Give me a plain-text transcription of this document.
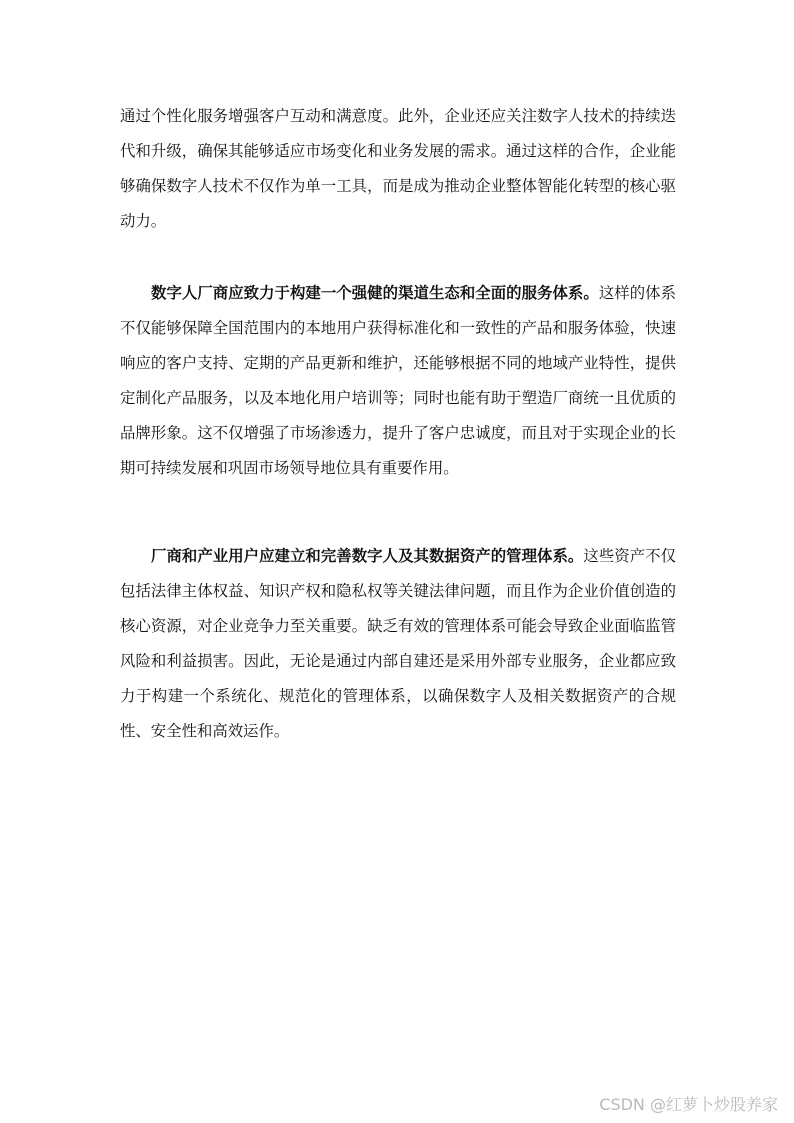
通过个性化服务增强客户互动和满意度。此外，企业还应关注数字人技术的持续迭代和升级，确保其能够适应市场变化和业务发展的需求。通过这样的合作，企业能够确保数字人技术不仅作为单一工具，而是成为推动企业整体智能化转型的核心驱动力。

数字人厂商应致力于构建一个强健的渠道生态和全面的服务体系。这样的体系不仅能够保障全国范围内的本地用户获得标准化和一致性的产品和服务体验，快速响应的客户支持、定期的产品更新和维护，还能够根据不同的地域产业特性，提供定制化产品服务，以及本地化用户培训等；同时也能有助于塑造厂商统一且优质的品牌形象。这不仅增强了市场渗透力，提升了客户忠诚度，而且对于实现企业的长期可持续发展和巩固市场领导地位具有重要作用。

厂商和产业用户应建立和完善数字人及其数据资产的管理体系。这些资产不仅包括法律主体权益、知识产权和隐私权等关键法律问题，而且作为企业价值创造的核心资源，对企业竞争力至关重要。缺乏有效的管理体系可能会导致企业面临监管风险和利益损害。因此，无论是通过内部自建还是采用外部专业服务，企业都应致力于构建一个系统化、规范化的管理体系，以确保数字人及相关数据资产的合规性、安全性和高效运作。

CSDN @红萝卜炒股养家
